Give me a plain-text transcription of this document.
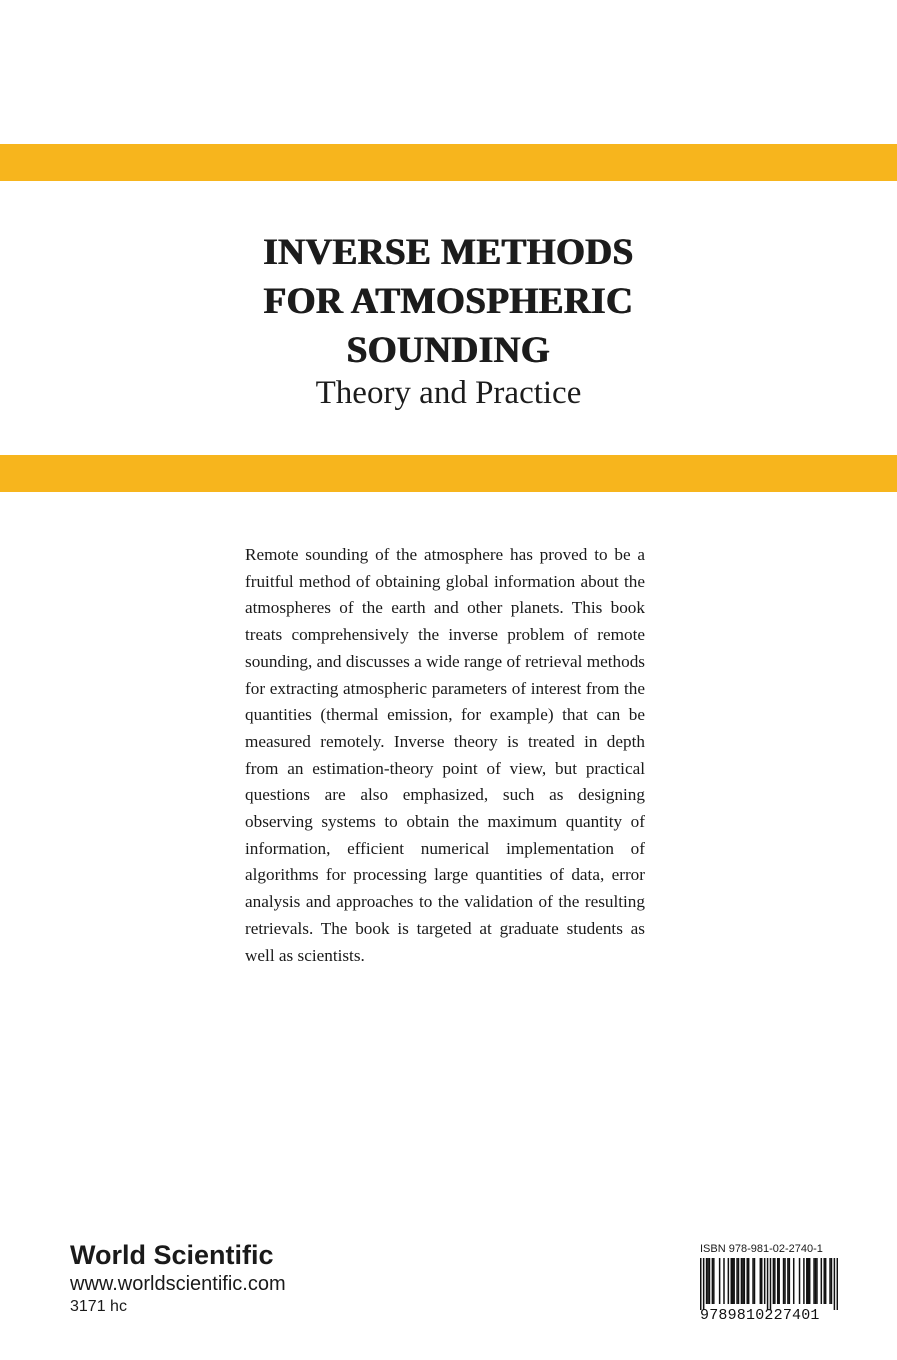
INVERSE METHODS
FOR ATMOSPHERIC
SOUNDING
Theory and Practice

Remote sounding of the atmosphere has proved to be a fruitful method of obtaining global information about the atmospheres of the earth and other planets. This book treats comprehensively the inverse problem of remote sounding, and discusses a wide range of retrieval methods for extracting atmospheric parameters of interest from the quantities (thermal emission, for example) that can be measured remotely. Inverse theory is treated in depth from an estimation-theory point of view, but practical questions are also emphasized, such as designing observing systems to obtain the maximum quantity of information, efficient numerical implementation of algorithms for processing large quantities of data, error analysis and approaches to the validation of the resulting retrievals. The book is targeted at graduate students as well as scientists.

World Scientific
www.worldscientific.com
3171 hc
ISBN 978-981-02-2740-1
9789810227401
